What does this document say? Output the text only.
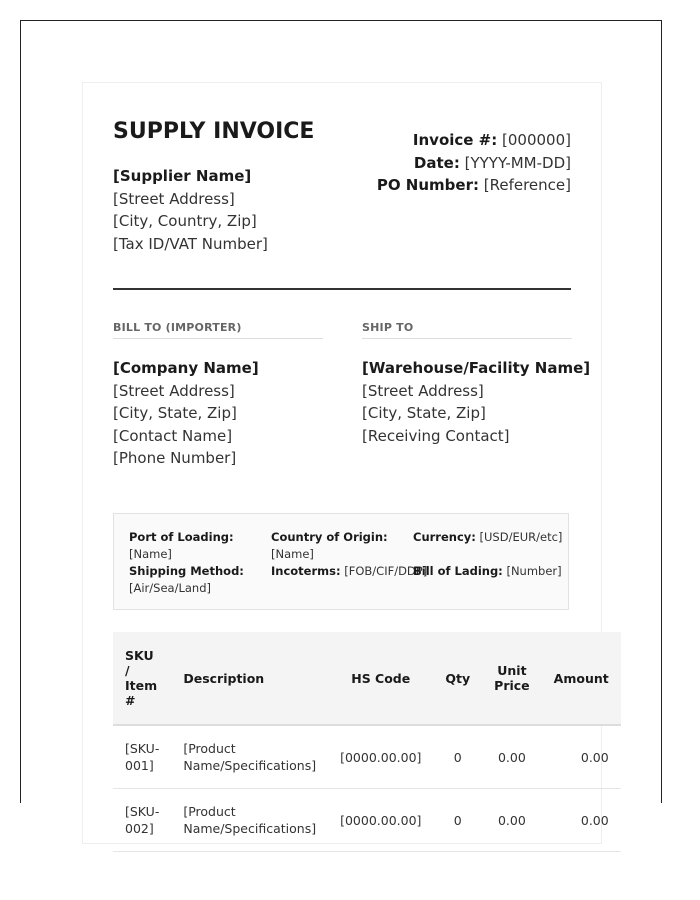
SUPPLY INVOICE
[Supplier Name]
[Street Address]
[City, Country, Zip]
[Tax ID/VAT Number]
Invoice #: [000000]
Date: [YYYY-MM-DD]
PO Number: [Reference]
BILL TO (IMPORTER)
[Company Name]
[Street Address]
[City, State, Zip]
[Contact Name]
[Phone Number]
SHIP TO
[Warehouse/Facility Name]
[Street Address]
[City, State, Zip]
[Receiving Contact]
Port of Loading: [Name]
Country of Origin: [Name]
Currency: [USD/EUR/etc]
Shipping Method: [Air/Sea/Land]
Incoterms: [FOB/CIF/DDP]
Bill of Lading: [Number]
SKU / Item #	Description	HS Code	Qty	Unit Price	Amount
[SKU-001]	[Product Name/Specifications]	[0000.00.00]	0	0.00	0.00
[SKU-002]	[Product Name/Specifications]	[0000.00.00]	0	0.00	0.00
